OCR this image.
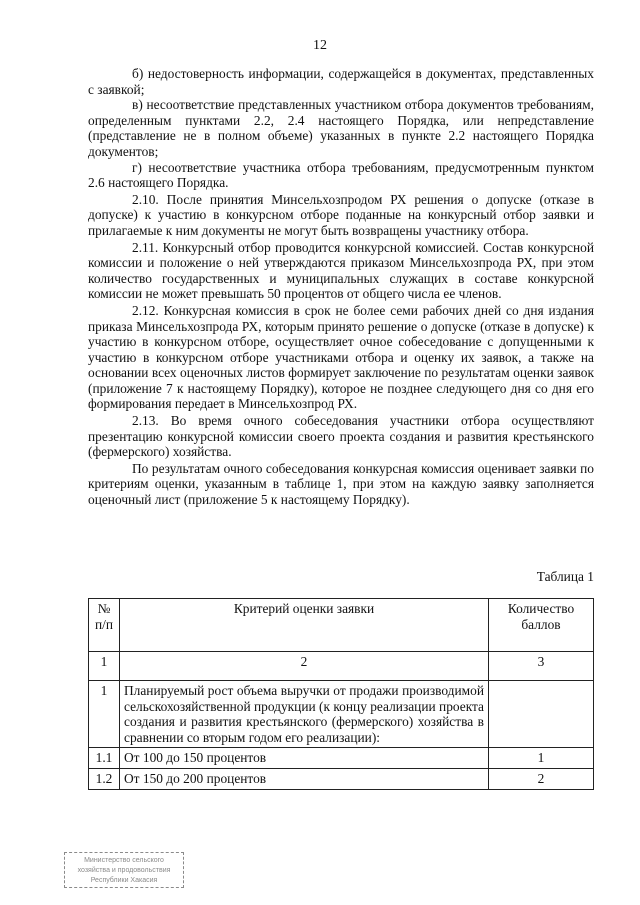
12

б) недостоверность информации, содержащейся в документах, представленных с заявкой;

в) несоответствие представленных участником отбора документов требованиям, определенным пунктами 2.2, 2.4 настоящего Порядка, или непредставление (представление не в полном объеме) указанных в пункте 2.2 настоящего Порядка документов;

г) несоответствие участника отбора требованиям, предусмотренным пунктом 2.6 настоящего Порядка.

2.10. После принятия Минсельхозпродом РХ решения о допуске (отказе в допуске) к участию в конкурсном отборе поданные на конкурсный отбор заявки и прилагаемые к ним документы не могут быть возвращены участнику отбора.

2.11. Конкурсный отбор проводится конкурсной комиссией. Состав конкурсной комиссии и положение о ней утверждаются приказом Минсельхозпрода РХ, при этом количество государственных и муниципальных служащих в составе конкурсной комиссии не может превышать 50 процентов от общего числа ее членов.

2.12. Конкурсная комиссия в срок не более семи рабочих дней со дня издания приказа Минсельхозпрода РХ, которым принято решение о допуске (отказе в допуске) к участию в конкурсном отборе, осуществляет очное собеседование с допущенными к участию в конкурсном отборе участниками отбора и оценку их заявок, а также на основании всех оценочных листов формирует заключение по результатам оценки заявок (приложение 7 к настоящему Порядку), которое не позднее следующего дня со дня его формирования передает в Минсельхозпрод РХ.

2.13. Во время очного собеседования участники отбора осуществляют презентацию конкурсной комиссии своего проекта создания и развития крестьянского (фермерского) хозяйства.

По результатам очного собеседования конкурсная комиссия оценивает заявки по критериям оценки, указанным в таблице 1, при этом на каждую заявку заполняется оценочный лист (приложение 5 к настоящему Порядку).

Таблица 1
№ п/п	Критерий оценки заявки	Количество баллов
1	2	3
1	Планируемый рост объема выручки от продажи производимой сельскохозяйственной продукции (к концу реализации проекта создания и развития крестьянского (фермерского) хозяйства в сравнении со вторым годом его реализации):	
1.1	От 100 до 150 процентов	1
1.2	От 150 до 200 процентов	2
Министерство сельского
хозяйства и продовольствия
Республики Хакасия
